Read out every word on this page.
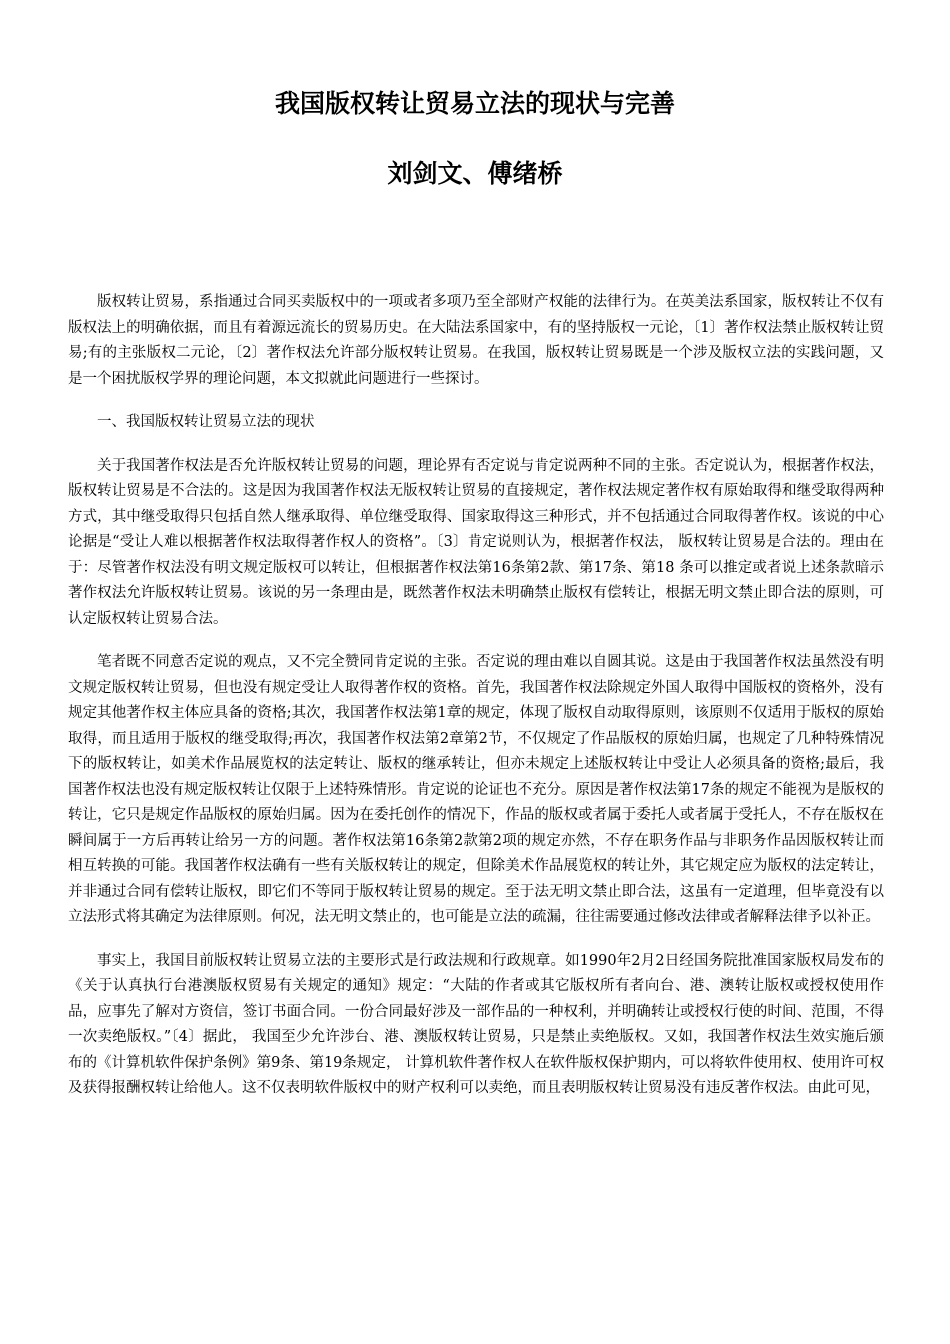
我国版权转让贸易立法的现状与完善
刘剑文、傅绪桥

版权转让贸易，系指通过合同买卖版权中的一项或者多项乃至全部财产权能的法律行为。在英美法系国家，版权转让不仅有版权法上的明确依据，而且有着源远流长的贸易历史。在大陆法系国家中，有的坚持版权一元论，〔1〕著作权法禁止版权转让贸易;有的主张版权二元论，〔2〕著作权法允许部分版权转让贸易。在我国，版权转让贸易既是一个涉及版权立法的实践问题，又是一个困扰版权学界的理论问题，本文拟就此问题进行一些探讨。

一、我国版权转让贸易立法的现状

关于我国著作权法是否允许版权转让贸易的问题，理论界有否定说与肯定说两种不同的主张。否定说认为，根据著作权法，版权转让贸易是不合法的。这是因为我国著作权法无版权转让贸易的直接规定，著作权法规定著作权有原始取得和继受取得两种方式，其中继受取得只包括自然人继承取得、单位继受取得、国家取得这三种形式，并不包括通过合同取得著作权。该说的中心论据是“受让人难以根据著作权法取得著作权人的资格”。〔3〕肯定说则认为，根据著作权法， 版权转让贸易是合法的。理由在于：尽管著作权法没有明文规定版权可以转让，但根据著作权法第16条第2款、第17条、第18 条可以推定或者说上述条款暗示著作权法允许版权转让贸易。该说的另一条理由是，既然著作权法未明确禁止版权有偿转让，根据无明文禁止即合法的原则，可认定版权转让贸易合法。

笔者既不同意否定说的观点，又不完全赞同肯定说的主张。否定说的理由难以自圆其说。这是由于我国著作权法虽然没有明文规定版权转让贸易，但也没有规定受让人取得著作权的资格。首先，我国著作权法除规定外国人取得中国版权的资格外，没有规定其他著作权主体应具备的资格;其次，我国著作权法第1章的规定，体现了版权自动取得原则，该原则不仅适用于版权的原始取得，而且适用于版权的继受取得;再次，我国著作权法第2章第2节，不仅规定了作品版权的原始归属，也规定了几种特殊情况下的版权转让，如美术作品展览权的法定转让、版权的继承转让，但亦未规定上述版权转让中受让人必须具备的资格;最后，我国著作权法也没有规定版权转让仅限于上述特殊情形。肯定说的论证也不充分。原因是著作权法第17条的规定不能视为是版权的转让，它只是规定作品版权的原始归属。因为在委托创作的情况下，作品的版权或者属于委托人或者属于受托人，不存在版权在瞬间属于一方后再转让给另一方的问题。著作权法第16条第2款第2项的规定亦然，不存在职务作品与非职务作品因版权转让而相互转换的可能。我国著作权法确有一些有关版权转让的规定，但除美术作品展览权的转让外，其它规定应为版权的法定转让，并非通过合同有偿转让版权，即它们不等同于版权转让贸易的规定。至于法无明文禁止即合法，这虽有一定道理，但毕竟没有以立法形式将其确定为法律原则。何况，法无明文禁止的，也可能是立法的疏漏，往往需要通过修改法律或者解释法律予以补正。

事实上，我国目前版权转让贸易立法的主要形式是行政法规和行政规章。如1990年2月2日经国务院批准国家版权局发布的《关于认真执行台港澳版权贸易有关规定的通知》规定：“大陆的作者或其它版权所有者向台、港、澳转让版权或授权使用作品，应事先了解对方资信，签订书面合同。一份合同最好涉及一部作品的一种权利，并明确转让或授权行使的时间、范围，不得一次卖绝版权。”〔4〕据此， 我国至少允许涉台、港、澳版权转让贸易，只是禁止卖绝版权。又如，我国著作权法生效实施后颁布的《计算机软件保护条例》第9条、第19条规定， 计算机软件著作权人在软件版权保护期内，可以将软件使用权、使用许可权及获得报酬权转让给他人。这不仅表明软件版权中的财产权利可以卖绝，而且表明版权转让贸易没有违反著作权法。由此可见，
